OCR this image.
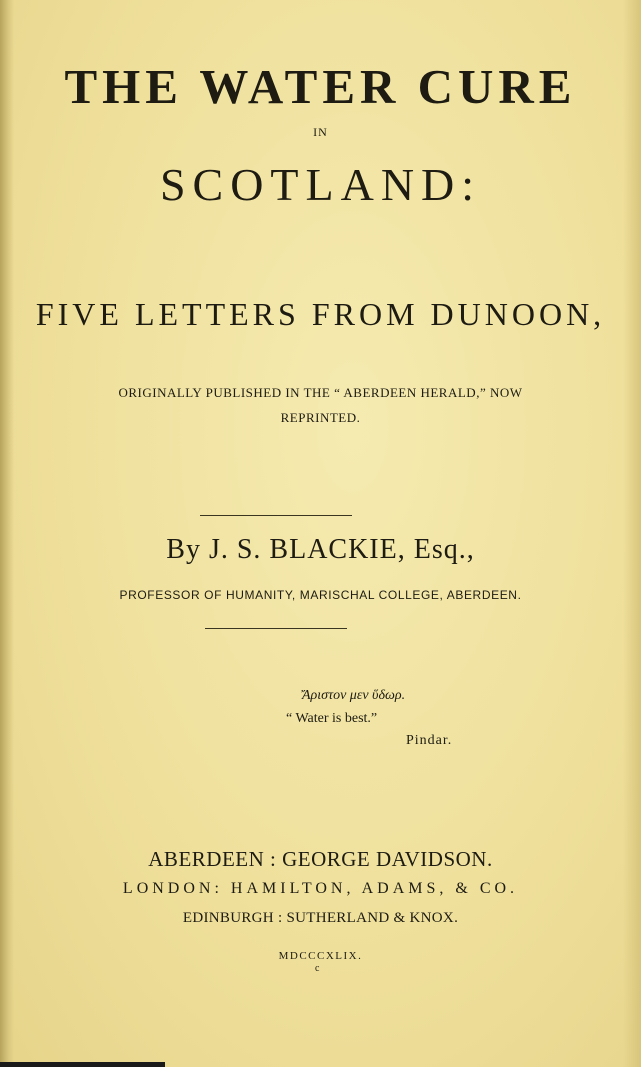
THE WATER CURE
IN
SCOTLAND:
FIVE LETTERS FROM DUNOON,
ORIGINALLY PUBLISHED IN THE “ ABERDEEN HERALD,” NOW
REPRINTED.
By J. S. BLACKIE, Esq.,
PROFESSOR OF HUMANITY, MARISCHAL COLLEGE, ABERDEEN.
Ἄριστον μεν ὕδωρ.
“ Water is best.”
Pindar.
ABERDEEN : GEORGE DAVIDSON.
LONDON: HAMILTON, ADAMS, & CO.
EDINBURGH : SUTHERLAND & KNOX.
MDCCCXLIX.
c
